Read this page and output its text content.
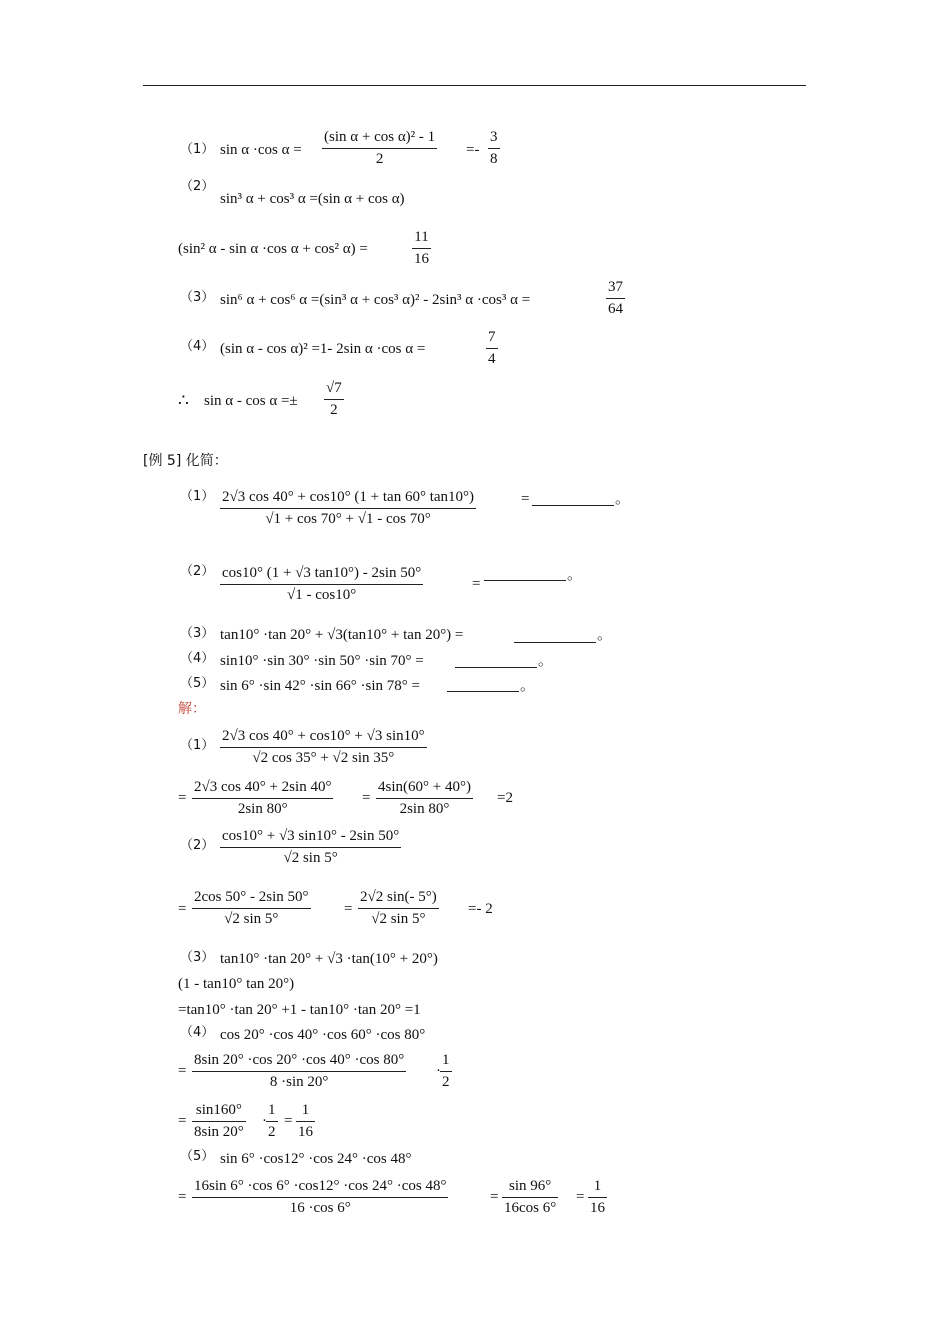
（1） sin α ·cos $\alpha = \frac{\text{(sin α + cos α)² - 1}}{2} =- \frac{3}{8}$
（2）
sin³ α + cos³ α =(sin α + cos α)
(sin² α - sin α ·cos α + cos² α) =	$\frac{11}{16}$
（3） sin⁶ α + cos⁶ α =(sin³ α + cos³ α)² - 2sin³ α ·cos³ α =	$\frac{37}{64}$
（4） (sin α - cos α)² =1- 2sin α ·cos α =	$\frac{7}{4}$
∴ $\sin \alpha - \cos \alpha =\pm \frac{√7}{2}$
[例 5] 化简：
$(1) \frac{2√3 \cos 40^\circ + \cos 10^\circ (1 + \tan 60^\circ \tan 10^\circ)}{√1 + \cos 70^\circ + √1 - \cos 70^\circ}$	=	。
$(2) \frac{\cos 10^\circ (1 + √3 \tan 10^\circ) - 2\sin 50^\circ}{√1 - \cos 10^\circ}$	=
。
（3） tan10° ·tan 20° + √3(tan10° + tan 20°) =	。
（4） sin10° ·sin 30° ·sin 50° ·sin 70° =	。
（5） sin 6° ·sin 42° ·sin 66° ·sin 78° =	。
解：
$(1) \frac{2√3 \cos 40^\circ + \cos 10^\circ + √3 \sin 10^\circ}{√2 \cos 35^\circ + √2 \sin 35^\circ}$
= $\frac{2√3 \cos 40^\circ + 2\sin 40^\circ}{2\sin 80^\circ} = \frac{4\sin(60^\circ + 40^\circ)}{2\sin 80^\circ} =2$
$(2) \frac{\cos 10^\circ + √3 \sin 10^\circ - 2\sin 50^\circ}{√2 \sin 5^\circ}$
= $\frac{2\cos 50^\circ - 2\sin 50^\circ}{√2 \sin 5^\circ} = \frac{2√2 \sin(- 5^\circ)}{√2 \sin 5^\circ} =- 2$
（3） tan10° ·tan 20° + √3 ·tan(10° + 20°)
(1 - tan10° tan 20°)
=tan10° ·tan 20° +1 - tan10° ·tan 20° =1
（4） cos 20° ·cos 40° ·cos 60° ·cos 80°
= $\frac{8\sin 20^\circ \cdot\cos 20^\circ \cdot\cos 40^\circ \cdot\cos 80^\circ}{8 \cdot\sin 20^\circ} \cdot \frac{1}{2}$
= $\frac{\sin 160^\circ}{8\sin 20^\circ} \cdot \frac{1}{2} = \frac{1}{16}$
（5） sin 6° ·cos12° ·cos 24° ·cos 48°
= $\frac{16\sin 6^\circ \cdot\cos 6^\circ \cdot\cos 12^\circ \cdot\cos 24^\circ \cdot\cos 48^\circ}{16 \cdot\cos 6^\circ}$	= $\frac{\sin 96^\circ}{16\cos 6^\circ} = \frac{1}{16}$
